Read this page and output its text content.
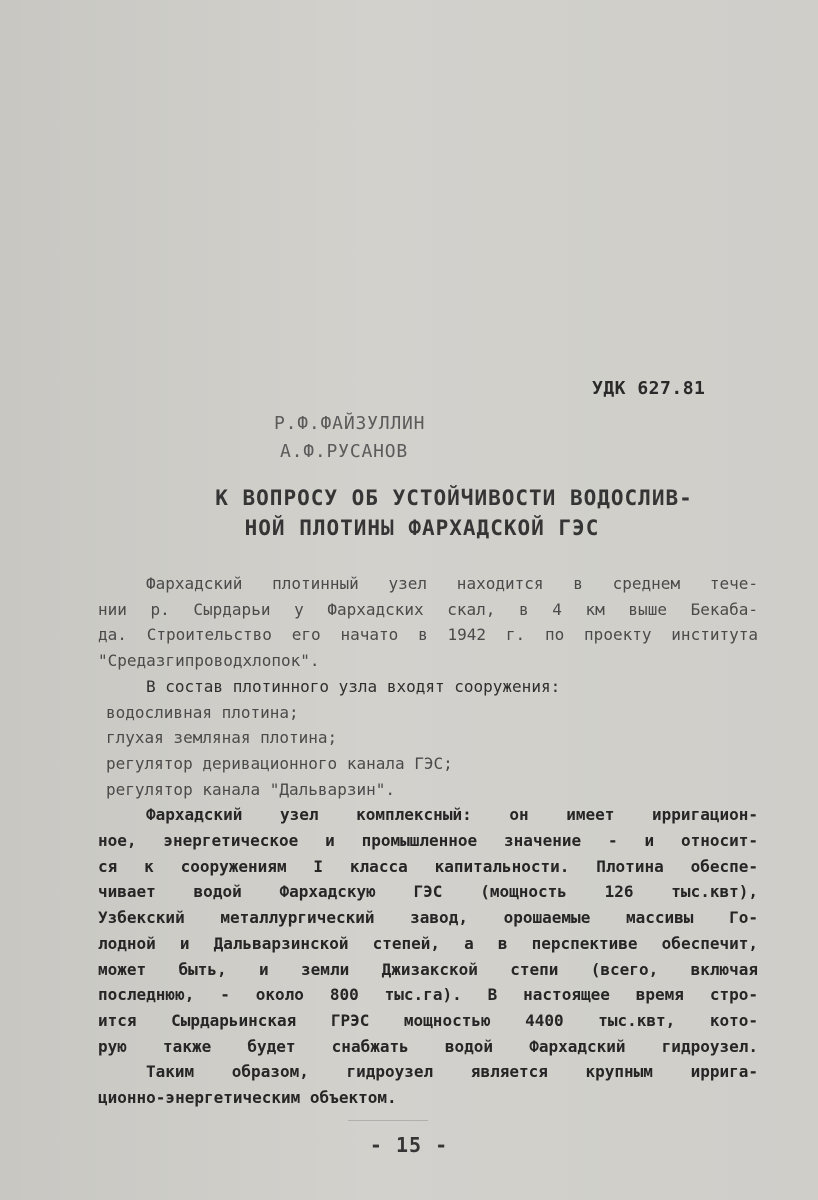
УДК 627.81
Р.Ф.ФАЙЗУЛЛИН
А.Ф.РУСАНОВ
К ВОПРОСУ ОБ УСТОЙЧИВОСТИ ВОДОСЛИВ-
НОЙ ПЛОТИНЫ ФАРХАДСКОЙ ГЭС
Фархадский плотинный узел находится в среднем тече-
нии р. Сырдарьи у Фархадских скал, в 4 км выше Бекаба-
да. Строительство его начато в 1942 г. по проекту института
"Средазгипроводхлопок".
В состав плотинного узла входят сооружения:
водосливная плотина;
глухая земляная плотина;
регулятор деривационного канала ГЭС;
регулятор канала "Дальварзин".
Фархадский узел комплексный: он имеет ирригацион-
ное, энергетическое и промышленное значение - и относит-
ся к сооружениям I класса капитальности. Плотина обеспе-
чивает водой Фархадскую ГЭС (мощность 126 тыс.квт),
Узбекский металлургический завод, орошаемые массивы Го-
лодной и Дальварзинской степей, а в перспективе обеспечит,
может быть, и земли Джизакской степи (всего, включая
последнюю, - около 800 тыс.га). В настоящее время стро-
ится Сырдарьинская ГРЭС мощностью 4400 тыс.квт, кото-
рую также будет снабжать водой Фархадский гидроузел.
Таким образом, гидроузел является крупным ирригa-
ционно-энергетическим объектом.
- 15 -
